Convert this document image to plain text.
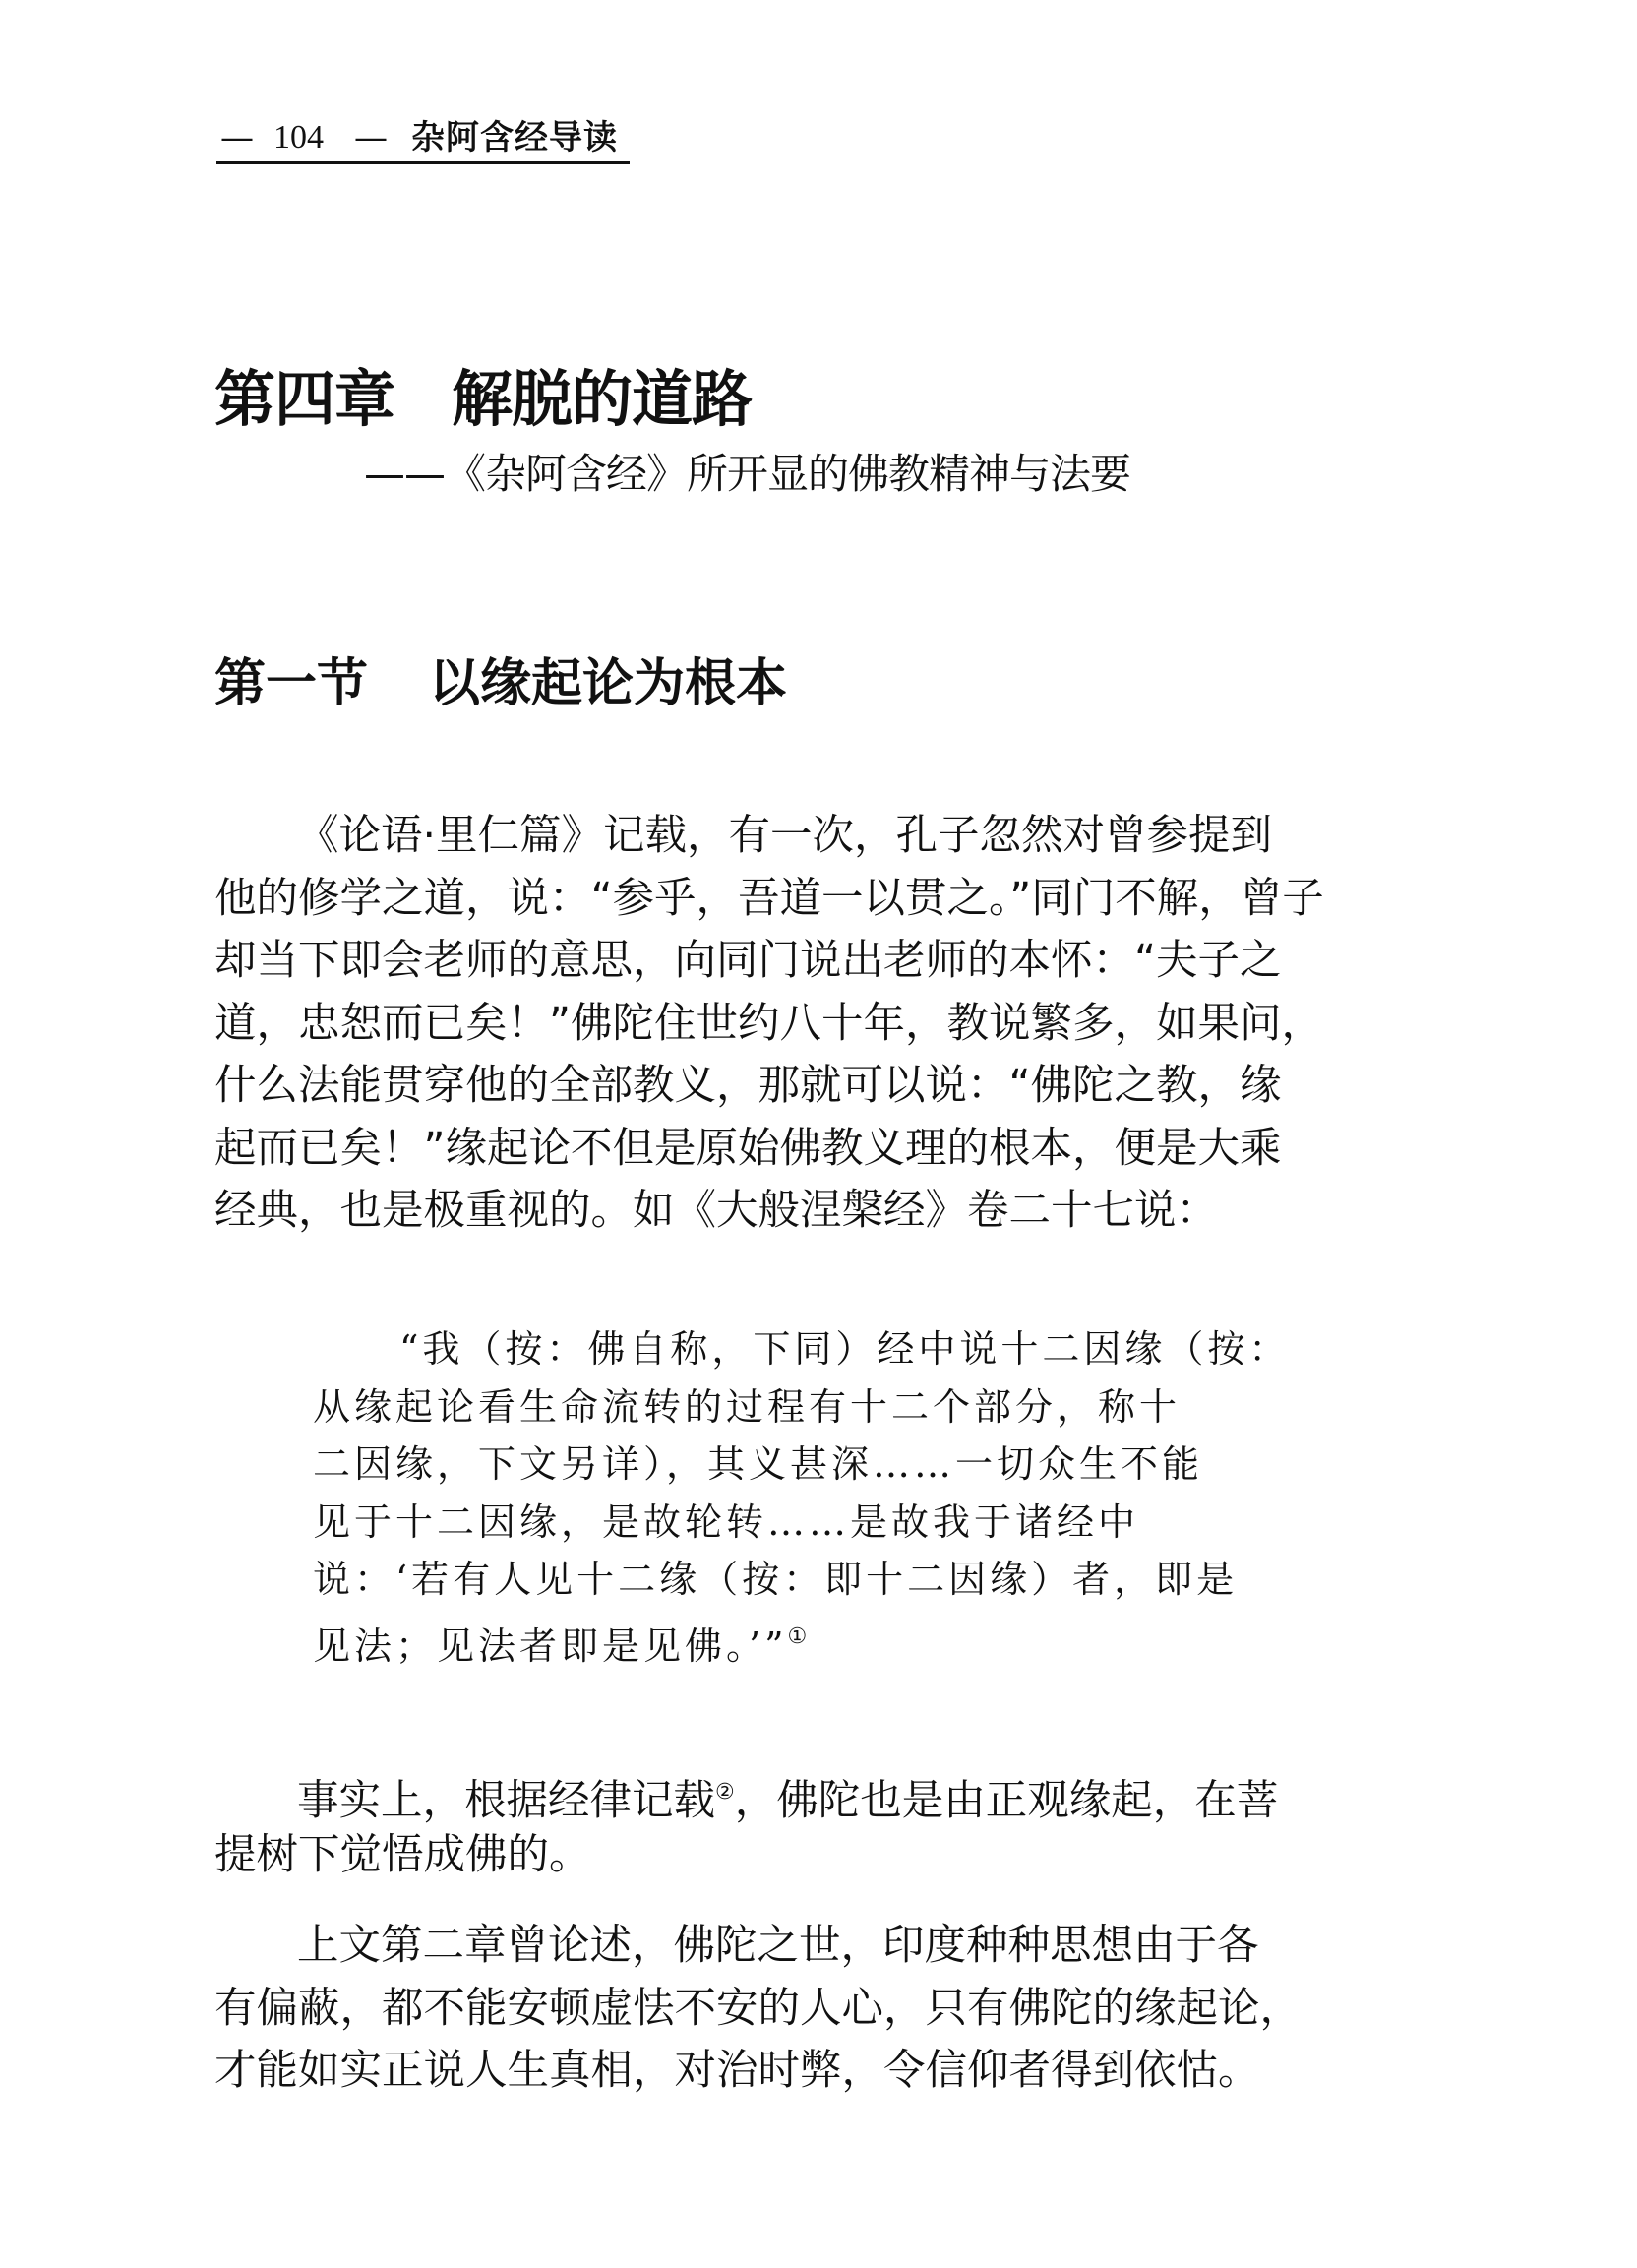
— 104 — 杂阿含经导读
第四章 解脱的道路
——《杂阿含经》所开显的佛教精神与法要
第一节 以缘起论为根本
《论语·里仁篇》记载，有一次，孔子忽然对曾参提到
他的修学之道，说：“参乎，吾道一以贯之。”同门不解，曾子
却当下即会老师的意思，向同门说出老师的本怀：“夫子之
道，忠恕而已矣！”佛陀住世约八十年，教说繁多，如果问，
什么法能贯穿他的全部教义，那就可以说：“佛陀之教，缘
起而已矣！”缘起论不但是原始佛教义理的根本，便是大乘
经典，也是极重视的。如《大般涅槃经》卷二十七说：
“我（按：佛自称，下同）经中说十二因缘（按：
从缘起论看生命流转的过程有十二个部分，称十
二因缘，下文另详），其义甚深……一切众生不能
见于十二因缘，是故轮转……是故我于诸经中
说：‘若有人见十二缘（按：即十二因缘）者，即是
见法；见法者即是见佛。’”①
事实上，根据经律记载②，佛陀也是由正观缘起，在菩
提树下觉悟成佛的。
上文第二章曾论述，佛陀之世，印度种种思想由于各
有偏蔽，都不能安顿虚怯不安的人心，只有佛陀的缘起论，
才能如实正说人生真相，对治时弊，令信仰者得到依怙。
